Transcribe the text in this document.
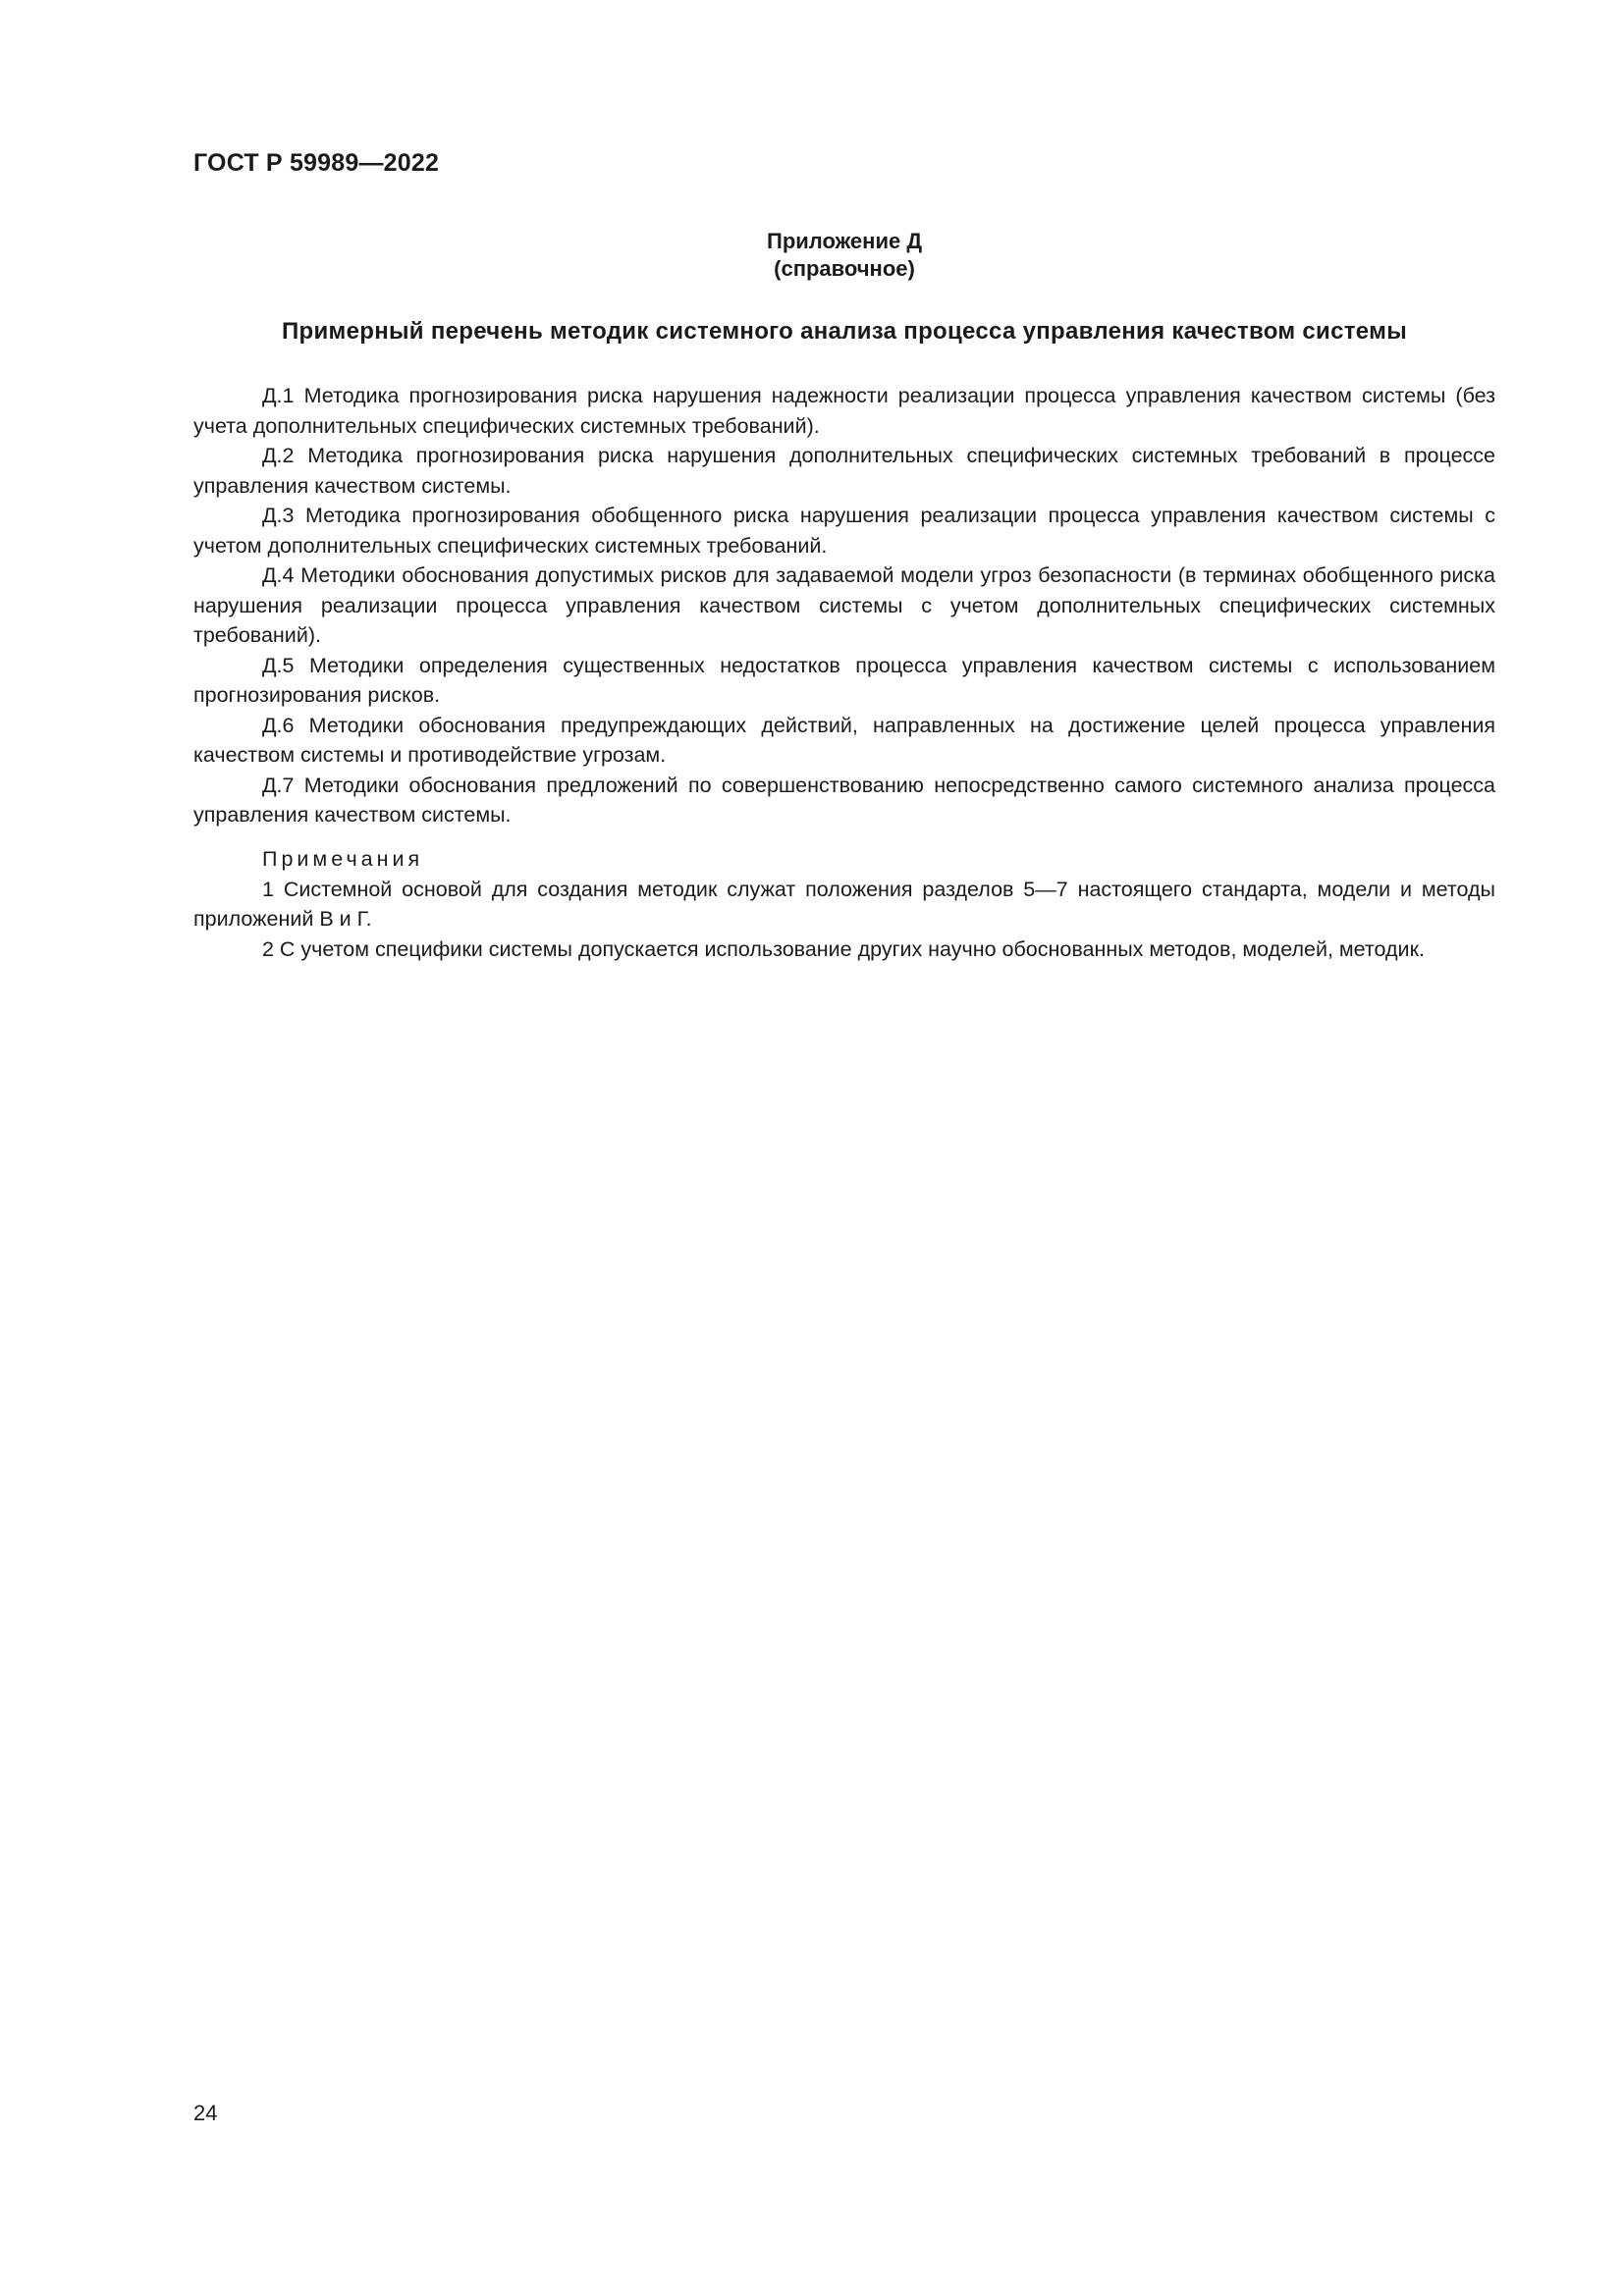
ГОСТ Р 59989—2022

Приложение Д

(справочное)

Примерный перечень методик системного анализа процесса управления качеством системы

Д.1 Методика прогнозирования риска нарушения надежности реализации процесса управления качеством системы (без учета дополнительных специфических системных требований).

Д.2 Методика прогнозирования риска нарушения дополнительных специфических системных требований в процессе управления качеством системы.

Д.3 Методика прогнозирования обобщенного риска нарушения реализации процесса управления качеством системы с учетом дополнительных специфических системных требований.

Д.4 Методики обоснования допустимых рисков для задаваемой модели угроз безопасности (в терминах обобщенного риска нарушения реализации процесса управления качеством системы с учетом дополнительных специфических системных требований).

Д.5 Методики определения существенных недостатков процесса управления качеством системы с использованием прогнозирования рисков.

Д.6 Методики обоснования предупреждающих действий, направленных на достижение целей процесса управления качеством системы и противодействие угрозам.

Д.7 Методики обоснования предложений по совершенствованию непосредственно самого системного анализа процесса управления качеством системы.

Примечания

1 Системной основой для создания методик служат положения разделов 5—7 настоящего стандарта, модели и методы приложений В и Г.

2 С учетом специфики системы допускается использование других научно обоснованных методов, моделей, методик.

24
